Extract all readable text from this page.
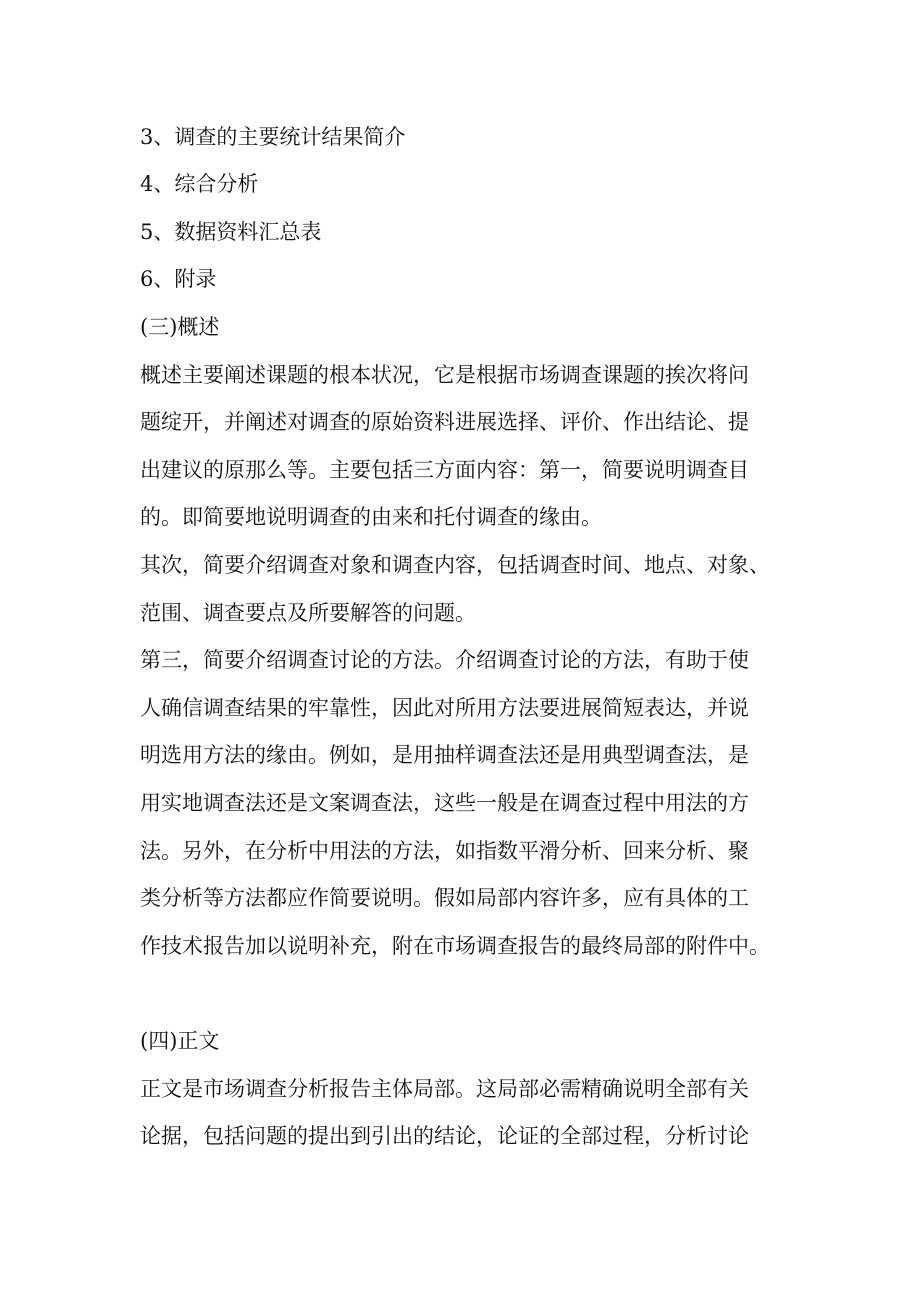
3、调查的主要统计结果简介

4、综合分析

5、数据资料汇总表

6、附录

(三)概述

概述主要阐述课题的根本状况，它是根据市场调查课题的挨次将问

题绽开，并阐述对调查的原始资料进展选择、评价、作出结论、提

出建议的原那么等。主要包括三方面内容：第一，简要说明调查目

的。即简要地说明调查的由来和托付调查的缘由。

其次，简要介绍调查对象和调查内容，包括调查时间、地点、对象、

范围、调查要点及所要解答的问题。

第三，简要介绍调查讨论的方法。介绍调查讨论的方法，有助于使

人确信调查结果的牢靠性，因此对所用方法要进展简短表达，并说

明选用方法的缘由。例如，是用抽样调查法还是用典型调查法，是

用实地调查法还是文案调查法，这些一般是在调查过程中用法的方

法。另外，在分析中用法的方法，如指数平滑分析、回来分析、聚

类分析等方法都应作简要说明。假如局部内容许多，应有具体的工

作技术报告加以说明补充，附在市场调查报告的最终局部的附件中。

(四)正文

正文是市场调查分析报告主体局部。这局部必需精确说明全部有关

论据，包括问题的提出到引出的结论，论证的全部过程，分析讨论
